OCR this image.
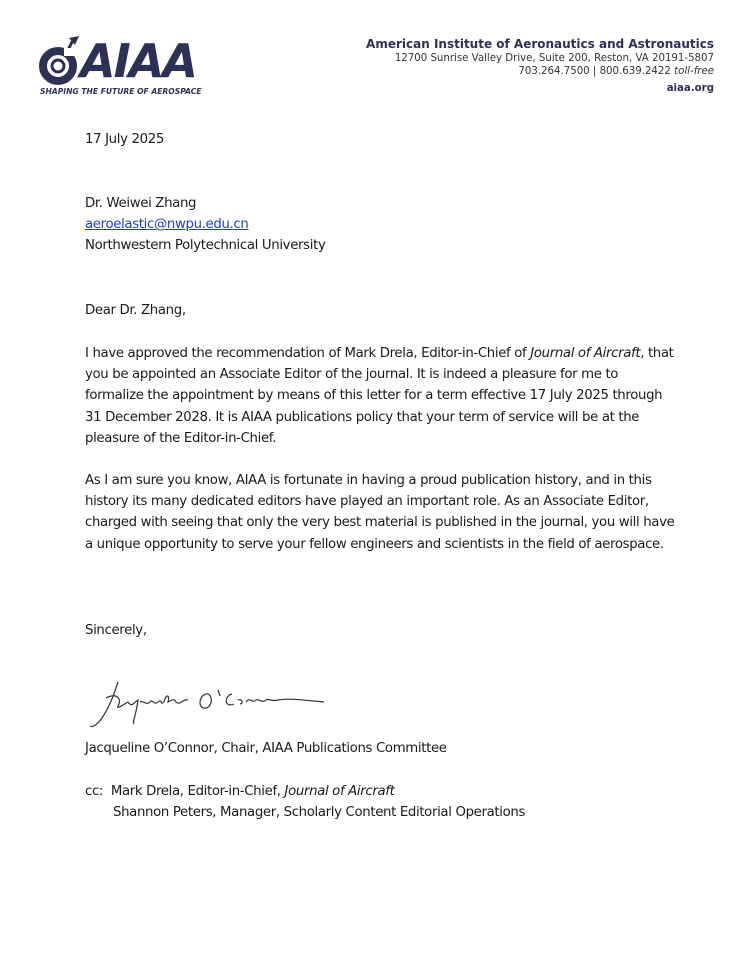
AIAA
SHAPING THE FUTURE OF AEROSPACE
American Institute of Aeronautics and Astronautics
12700 Sunrise Valley Drive, Suite 200, Reston, VA 20191-5807
703.264.7500 | 800.639.2422 toll-free
aiaa.org

17 July 2025

Dr. Weiwei Zhang

aeroelastic@nwpu.edu.cn

Northwestern Polytechnical University

Dear Dr. Zhang,

I have approved the recommendation of Mark Drela, Editor-in-Chief of Journal of Aircraft, that you be appointed an Associate Editor of the journal. It is indeed a pleasure for me to formalize the appointment by means of this letter for a term effective 17 July 2025 through 31 December 2028. It is AIAA publications policy that your term of service will be at the pleasure of the Editor-in-Chief.

As I am sure you know, AIAA is fortunate in having a proud publication history, and in this history its many dedicated editors have played an important role. As an Associate Editor, charged with seeing that only the very best material is published in the journal, you will have a unique opportunity to serve your fellow engineers and scientists in the field of aerospace.

Sincerely,

Jacqueline O’Connor, Chair, AIAA Publications Committee

cc: Mark Drela, Editor-in-Chief, Journal of Aircraft

Shannon Peters, Manager, Scholarly Content Editorial Operations
